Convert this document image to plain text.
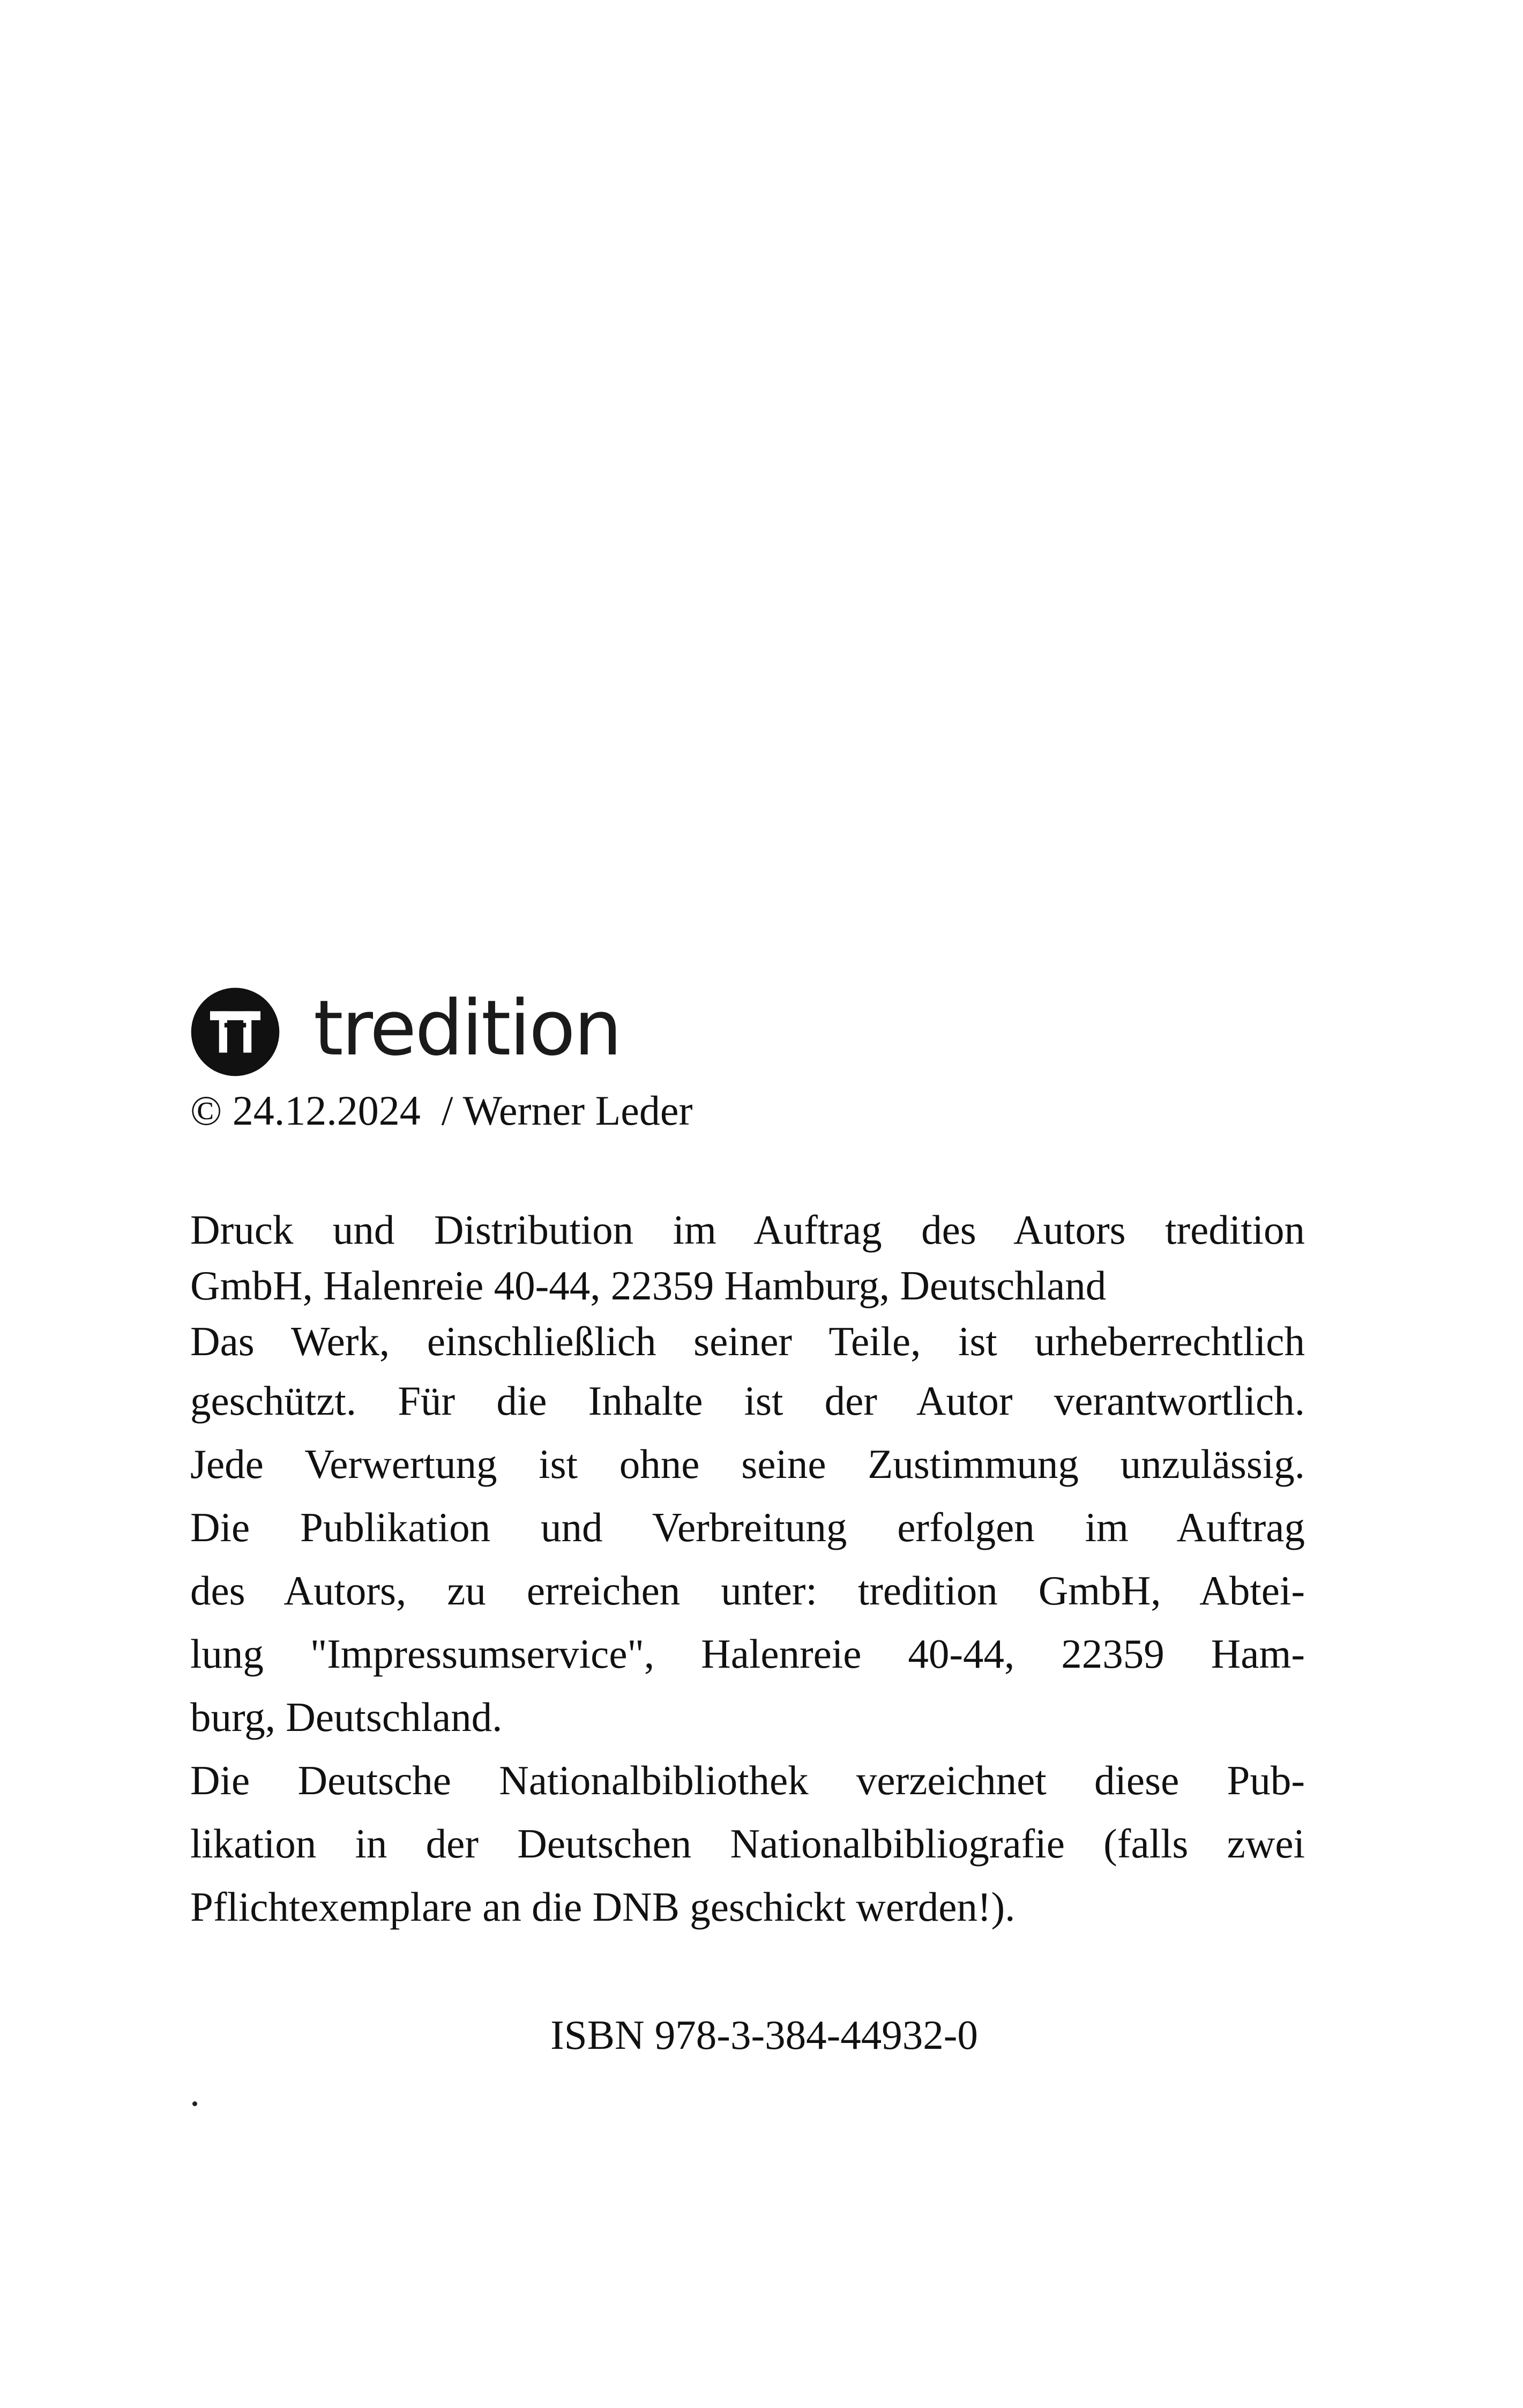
tredition
© 24.12.2024  / Werner Leder
Druck und Distribution im Auftrag des Autors tredition
GmbH, Halenreie 40-44, 22359 Hamburg, Deutschland
Das Werk, einschließlich seiner Teile, ist urheberrechtlich
geschützt. Für die Inhalte ist der Autor verantwortlich.
Jede Verwertung ist ohne seine Zustimmung unzulässig.
Die Publikation und Verbreitung erfolgen im Auftrag
des Autors, zu erreichen unter: tredition GmbH, Abtei-
lung "Impressumservice", Halenreie 40-44, 22359 Ham-
burg, Deutschland.
Die Deutsche Nationalbibliothek verzeichnet diese Pub-
likation in der Deutschen Nationalbibliografie (falls zwei
Pflichtexemplare an die DNB geschickt werden!).
ISBN 978-3-384-44932-0
